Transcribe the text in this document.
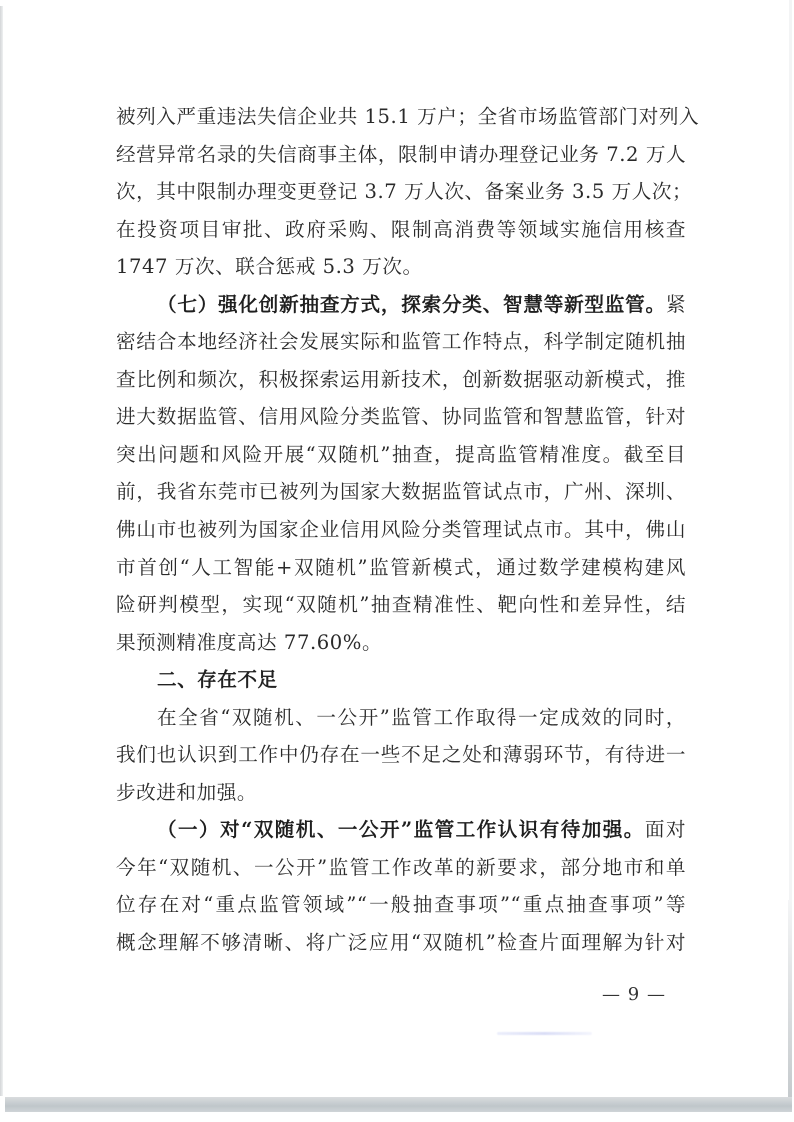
被列入严重违法失信企业共 15.1 万户；全省市场监管部门对列入
经营异常名录的失信商事主体，限制申请办理登记业务 7.2 万人
次，其中限制办理变更登记 3.7 万人次、备案业务 3.5 万人次；
在投资项目审批、政府采购、限制高消费等领域实施信用核查
1747 万次、联合惩戒 5.3 万次。
（七）强化创新抽查方式，探索分类、智慧等新型监管。紧
密结合本地经济社会发展实际和监管工作特点，科学制定随机抽
查比例和频次，积极探索运用新技术，创新数据驱动新模式，推
进大数据监管、信用风险分类监管、协同监管和智慧监管，针对
突出问题和风险开展“双随机”抽查，提高监管精准度。截至目
前，我省东莞市已被列为国家大数据监管试点市，广州、深圳、
佛山市也被列为国家企业信用风险分类管理试点市。其中，佛山
市首创“人工智能+双随机”监管新模式，通过数学建模构建风
险研判模型，实现“双随机”抽查精准性、靶向性和差异性，结
果预测精准度高达 77.60%。
二、存在不足
在全省“双随机、一公开”监管工作取得一定成效的同时，
我们也认识到工作中仍存在一些不足之处和薄弱环节，有待进一
步改进和加强。
（一）对“双随机、一公开”监管工作认识有待加强。面对
今年“双随机、一公开”监管工作改革的新要求，部分地市和单
位存在对“重点监管领域”“一般抽查事项”“重点抽查事项”等
概念理解不够清晰、将广泛应用“双随机”检查片面理解为针对
— 9 —
